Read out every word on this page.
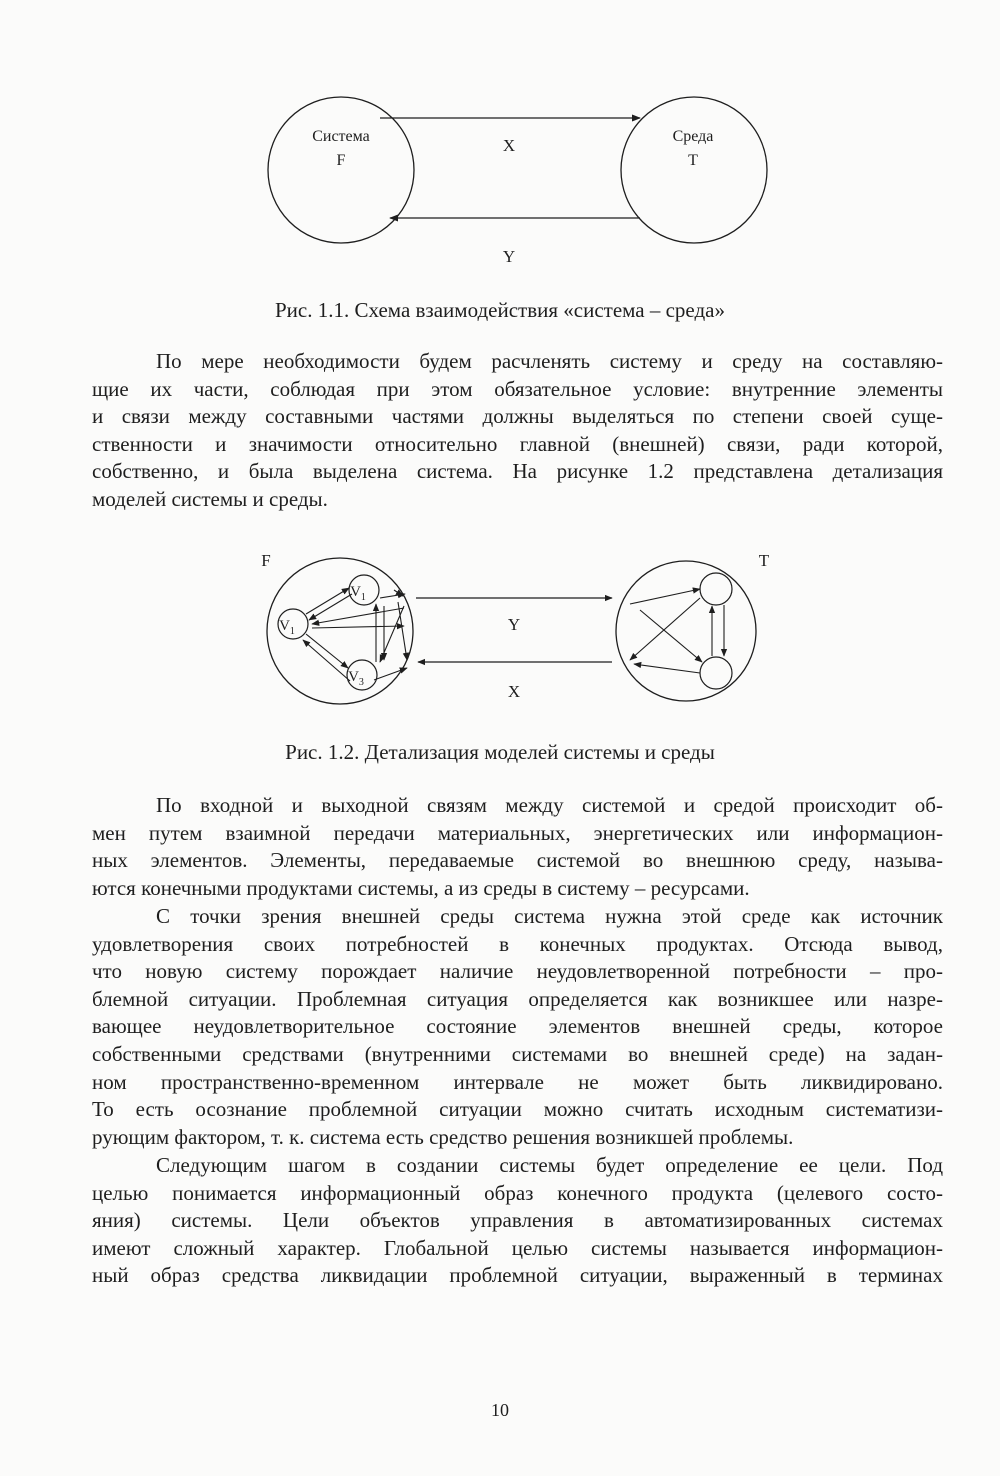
Система
F
Среда
T
X
Y
Рис. 1.1. Схема взаимодействия «система – среда»
По мере необходимости будем расчленять систему и среду на составляю-
щие их части, соблюдая при этом обязательное условие: внутренние элементы
и связи между составными частями должны выделяться по степени своей суще-
ственности и значимости относительно главной (внешней) связи, ради которой,
собственно, и была выделена система. На рисунке 1.2 представлена детализация
моделей системы и среды.
F	T
$V_1$
$V_1$
$V_3$
Y
X
Рис. 1.2. Детализация моделей системы и среды
По входной и выходной связям между системой и средой происходит об-
мен путем взаимной передачи материальных, энергетических или информацион-
ных элементов. Элементы, передаваемые системой во внешнюю среду, называ-
ются конечными продуктами системы, а из среды в систему – ресурсами.
С точки зрения внешней среды система нужна этой среде как источник
удовлетворения своих потребностей в конечных продуктах. Отсюда вывод,
что новую систему порождает наличие неудовлетворенной потребности – про-
блемной ситуации. Проблемная ситуация определяется как возникшее или назре-
вающее неудовлетворительное состояние элементов внешней среды, которое
собственными средствами (внутренними системами во внешней среде) на задан-
ном пространственно-временном интервале не может быть ликвидировано.
То есть осознание проблемной ситуации можно считать исходным систематизи-
рующим фактором, т. к. система есть средство решения возникшей проблемы.
Следующим шагом в создании системы будет определение ее цели. Под
целью понимается информационный образ конечного продукта (целевого состо-
яния) системы. Цели объектов управления в автоматизированных системах
имеют сложный характер. Глобальной целью системы называется информацион-
ный образ средства ликвидации проблемной ситуации, выраженный в терминах
10
